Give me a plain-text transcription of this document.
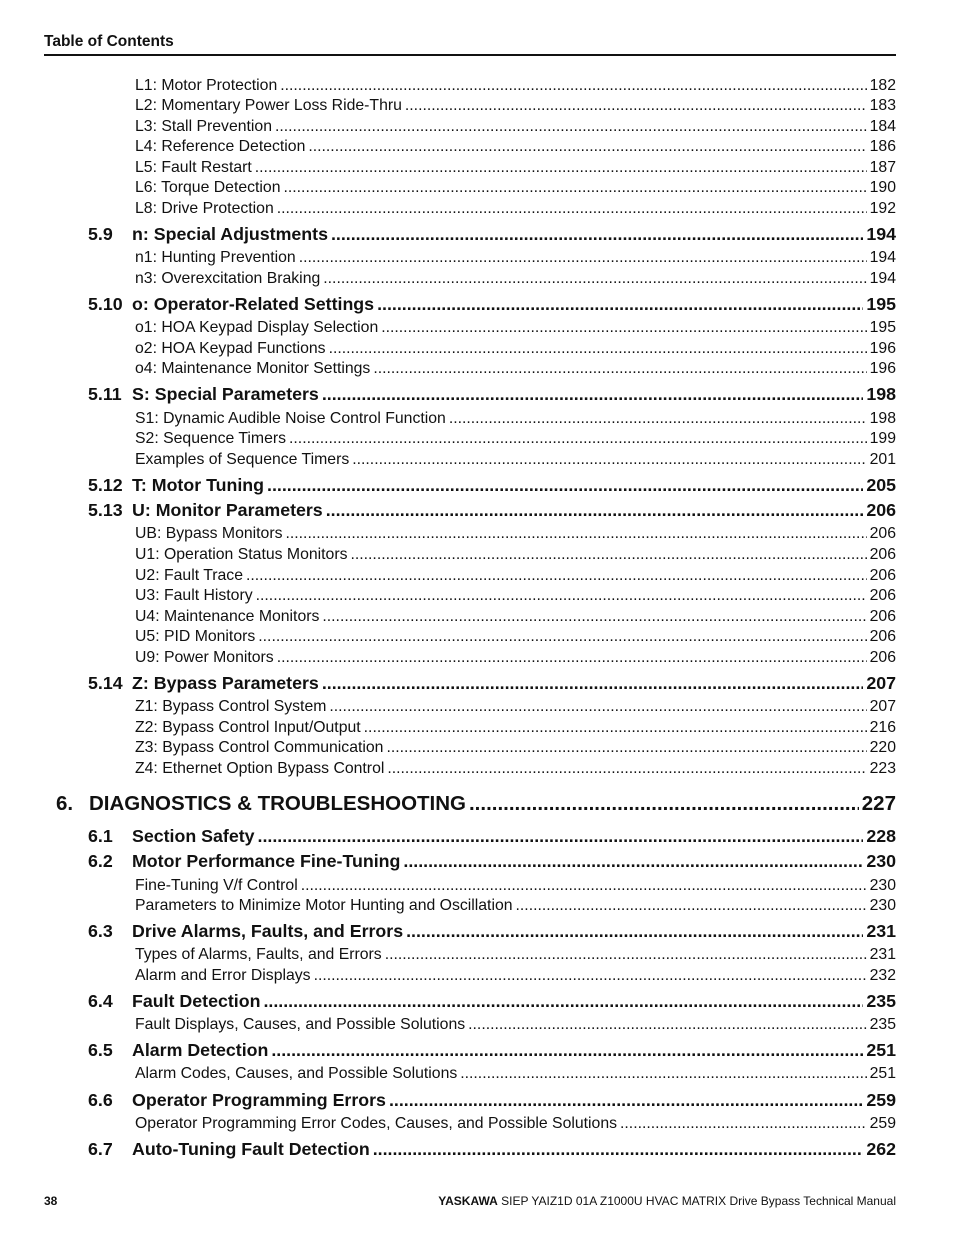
Table of Contents
L1: Motor Protection .....	182
L2: Momentary Power Loss Ride-Thru .....	183
L3: Stall Prevention .....	184
L4: Reference Detection .....	186
L5: Fault Restart .....	187
L6: Torque Detection .....	190
L8: Drive Protection .....	192
5.9 n: Special Adjustments .....	194
n1: Hunting Prevention .....	194
n3: Overexcitation Braking .....	194
5.10 o: Operator-Related Settings .....	195
o1: HOA Keypad Display Selection .....	195
o2: HOA Keypad Functions .....	196
o4: Maintenance Monitor Settings .....	196
5.11 S: Special Parameters .....	198
S1: Dynamic Audible Noise Control Function .....	198
S2: Sequence Timers .....	199
Examples of Sequence Timers .....	201
5.12 T: Motor Tuning .....	205
5.13 U: Monitor Parameters .....	206
UB: Bypass Monitors .....	206
U1: Operation Status Monitors .....	206
U2: Fault Trace .....	206
U3: Fault History .....	206
U4: Maintenance Monitors .....	206
U5: PID Monitors .....	206
U9: Power Monitors .....	206
5.14 Z: Bypass Parameters .....	207
Z1: Bypass Control System .....	207
Z2: Bypass Control Input/Output .....	216
Z3: Bypass Control Communication .....	220
Z4: Ethernet Option Bypass Control .....	223
6. DIAGNOSTICS & TROUBLESHOOTING .....	227
6.1 Section Safety .....	228
6.2 Motor Performance Fine-Tuning .....	230
Fine-Tuning V/f Control .....	230
Parameters to Minimize Motor Hunting and Oscillation .....	230
6.3 Drive Alarms, Faults, and Errors .....	231
Types of Alarms, Faults, and Errors .....	231
Alarm and Error Displays .....	232
6.4 Fault Detection .....	235
Fault Displays, Causes, and Possible Solutions .....	235
6.5 Alarm Detection .....	251
Alarm Codes, Causes, and Possible Solutions .....	251
6.6 Operator Programming Errors .....	259
Operator Programming Error Codes, Causes, and Possible Solutions .....	259
6.7 Auto-Tuning Fault Detection .....	262
38	YASKAWA SIEP YAIZ1D 01A Z1000U HVAC MATRIX Drive Bypass Technical Manual
